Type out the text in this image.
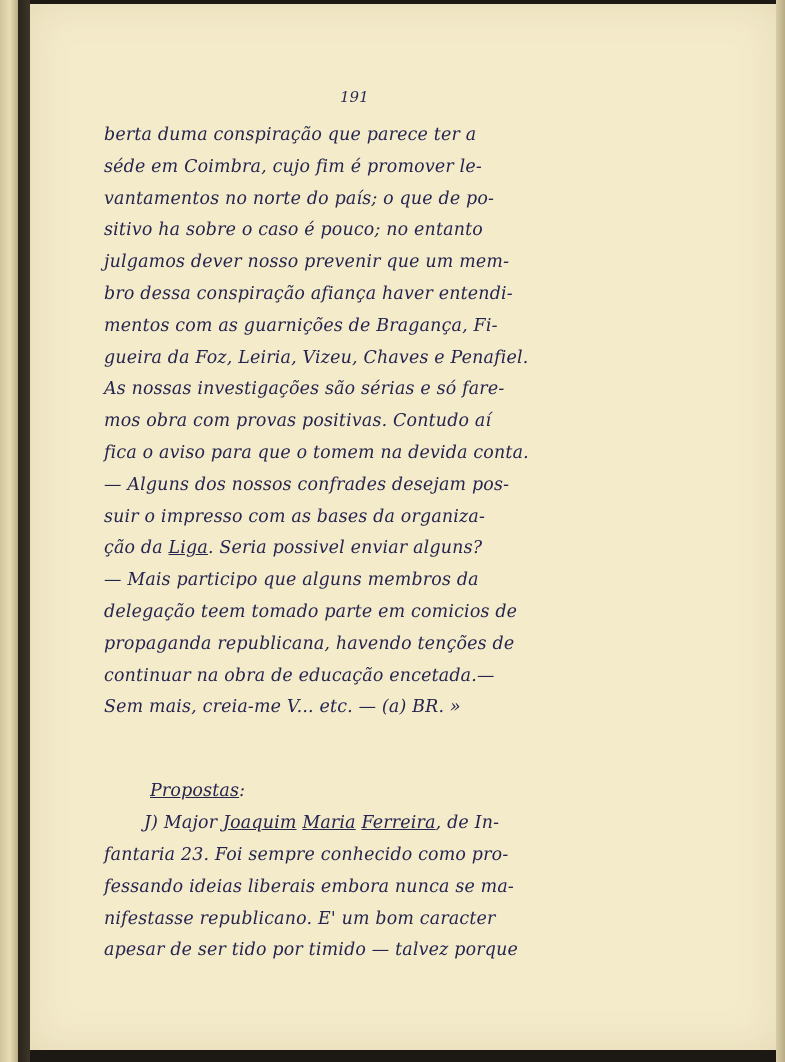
191
berta duma conspiração que parece ter a
séde em Coimbra, cujo fim é promover le-
vantamentos no norte do país; o que de po-
sitivo ha sobre o caso é pouco; no entanto
julgamos dever nosso prevenir que um mem-
bro dessa conspiração afiança haver entendi-
mentos com as guarnições de Bragança, Fi-
gueira da Foz, Leiria, Vizeu, Chaves e Penafiel.
As nossas investigações são sérias e só fare-
mos obra com provas positivas. Contudo aí
fica o aviso para que o tomem na devida conta.
— Alguns dos nossos confrades desejam pos-
suir o impresso com as bases da organiza-
ção da Liga. Seria possivel enviar alguns?
— Mais participo que alguns membros da
delegação teem tomado parte em comicios de
propaganda republicana, havendo tenções de
continuar na obra de educação encetada.—
Sem mais, creia-me V... etc. — (a) BR. »
Propostas:
J) Major Joaquim Maria Ferreira, de In-
fantaria 23. Foi sempre conhecido como pro-
fessando ideias liberais embora nunca se ma-
nifestasse republicano. E' um bom caracter
apesar de ser tido por timido — talvez porque
